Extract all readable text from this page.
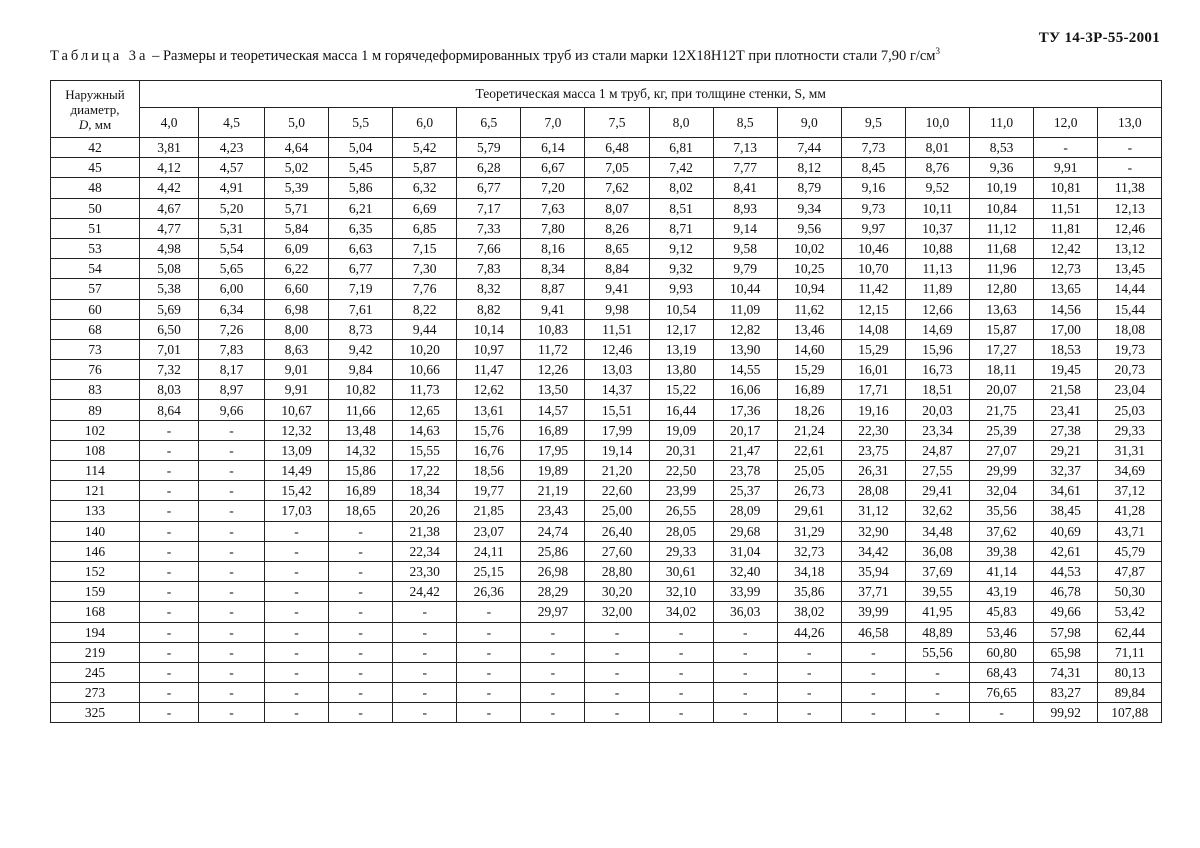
ТУ 14-3Р-55-2001
Таблица 3а – Размеры и теоретическая масса 1 м горячедеформированных труб из стали марки 12Х18Н12Т при плотности стали 7,90 $г/см^3$
Наружный
диаметр,
D, мм	Теоретическая масса 1 м труб, кг, при толщине стенки, S, мм															
	4,0	4,5	5,0	5,5	6,0	6,5	7,0	7,5	8,0	8,5	9,0	9,5	10,0	11,0	12,0	13,0
42	3,81	4,23	4,64	5,04	5,42	5,79	6,14	6,48	6,81	7,13	7,44	7,73	8,01	8,53	-	-
45	4,12	4,57	5,02	5,45	5,87	6,28	6,67	7,05	7,42	7,77	8,12	8,45	8,76	9,36	9,91	-
48	4,42	4,91	5,39	5,86	6,32	6,77	7,20	7,62	8,02	8,41	8,79	9,16	9,52	10,19	10,81	11,38
50	4,67	5,20	5,71	6,21	6,69	7,17	7,63	8,07	8,51	8,93	9,34	9,73	10,11	10,84	11,51	12,13
51	4,77	5,31	5,84	6,35	6,85	7,33	7,80	8,26	8,71	9,14	9,56	9,97	10,37	11,12	11,81	12,46
53	4,98	5,54	6,09	6,63	7,15	7,66	8,16	8,65	9,12	9,58	10,02	10,46	10,88	11,68	12,42	13,12
54	5,08	5,65	6,22	6,77	7,30	7,83	8,34	8,84	9,32	9,79	10,25	10,70	11,13	11,96	12,73	13,45
57	5,38	6,00	6,60	7,19	7,76	8,32	8,87	9,41	9,93	10,44	10,94	11,42	11,89	12,80	13,65	14,44
60	5,69	6,34	6,98	7,61	8,22	8,82	9,41	9,98	10,54	11,09	11,62	12,15	12,66	13,63	14,56	15,44
68	6,50	7,26	8,00	8,73	9,44	10,14	10,83	11,51	12,17	12,82	13,46	14,08	14,69	15,87	17,00	18,08
73	7,01	7,83	8,63	9,42	10,20	10,97	11,72	12,46	13,19	13,90	14,60	15,29	15,96	17,27	18,53	19,73
76	7,32	8,17	9,01	9,84	10,66	11,47	12,26	13,03	13,80	14,55	15,29	16,01	16,73	18,11	19,45	20,73
83	8,03	8,97	9,91	10,82	11,73	12,62	13,50	14,37	15,22	16,06	16,89	17,71	18,51	20,07	21,58	23,04
89	8,64	9,66	10,67	11,66	12,65	13,61	14,57	15,51	16,44	17,36	18,26	19,16	20,03	21,75	23,41	25,03
102	-	-	12,32	13,48	14,63	15,76	16,89	17,99	19,09	20,17	21,24	22,30	23,34	25,39	27,38	29,33
108	-	-	13,09	14,32	15,55	16,76	17,95	19,14	20,31	21,47	22,61	23,75	24,87	27,07	29,21	31,31
114	-	-	14,49	15,86	17,22	18,56	19,89	21,20	22,50	23,78	25,05	26,31	27,55	29,99	32,37	34,69
121	-	-	15,42	16,89	18,34	19,77	21,19	22,60	23,99	25,37	26,73	28,08	29,41	32,04	34,61	37,12
133	-	-	17,03	18,65	20,26	21,85	23,43	25,00	26,55	28,09	29,61	31,12	32,62	35,56	38,45	41,28
140	-	-	-	-	21,38	23,07	24,74	26,40	28,05	29,68	31,29	32,90	34,48	37,62	40,69	43,71
146	-	-	-	-	22,34	24,11	25,86	27,60	29,33	31,04	32,73	34,42	36,08	39,38	42,61	45,79
152	-	-	-	-	23,30	25,15	26,98	28,80	30,61	32,40	34,18	35,94	37,69	41,14	44,53	47,87
159	-	-	-	-	24,42	26,36	28,29	30,20	32,10	33,99	35,86	37,71	39,55	43,19	46,78	50,30
168	-	-	-	-	-	-	29,97	32,00	34,02	36,03	38,02	39,99	41,95	45,83	49,66	53,42
194	-	-	-	-	-	-	-	-	-	-	44,26	46,58	48,89	53,46	57,98	62,44
219	-	-	-	-	-	-	-	-	-	-	-	-	55,56	60,80	65,98	71,11
245	-	-	-	-	-	-	-	-	-	-	-	-	-	68,43	74,31	80,13
273	-	-	-	-	-	-	-	-	-	-	-	-	-	76,65	83,27	89,84
325	-	-	-	-	-	-	-	-	-	-	-	-	-	-	99,92	107,88
